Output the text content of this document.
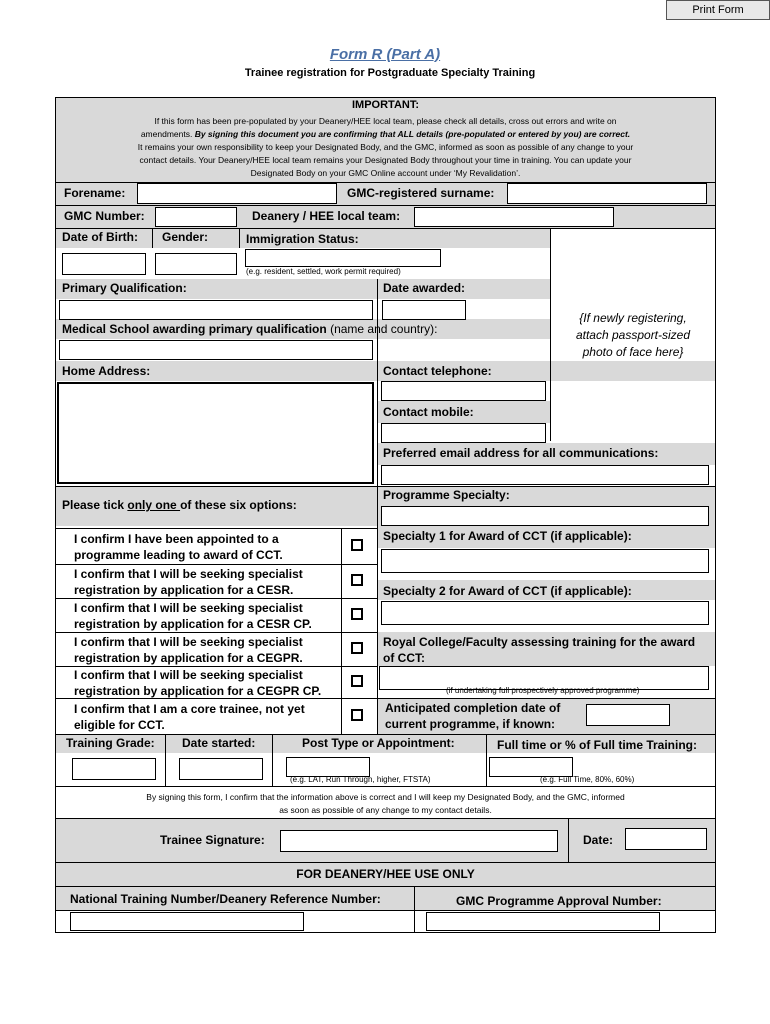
Print Form
Form R (Part A)
Trainee registration for Postgraduate Specialty Training
IMPORTANT:
If this form has been pre-populated by your Deanery/HEE local team, please check all details, cross out errors and write on
amendments. By signing this document you are confirming that ALL details (pre-populated or entered by you) are correct.
It remains your own responsibility to keep your Designated Body, and the GMC, informed as soon as possible of any change to your
contact details. Your Deanery/HEE local team remains your Designated Body throughout your time in training. You can update your
Designated Body on your GMC Online account under ‘My Revalidation’.
Forename:	GMC-registered surname:
GMC Number:	Deanery / HEE local team:
Date of Birth: Gender:	Immigration Status:
(e.g. resident, settled, work permit required)
Primary Qualification:	Date awarded:
Medical School awarding primary qualification (name and country):
{If newly registering,
attach passport-sized
photo of face here}
Home Address:	Contact telephone:
Contact mobile:
Preferred email address for all communications:
Please tick only one of these six options:
Programme Specialty:
I confirm I have been appointed to a
programme leading to award of CCT.
I confirm that I will be seeking specialist
registration by application for a CESR.
I confirm that I will be seeking specialist
registration by application for a CESR CP.
I confirm that I will be seeking specialist
registration by application for a CEGPR.
I confirm that I will be seeking specialist
registration by application for a CEGPR CP.
I confirm that I am a core trainee, not yet
eligible for CCT.
Specialty 1 for Award of CCT (if applicable):
Specialty 2 for Award of CCT (if applicable):
Royal College/Faculty assessing training for the award
of CCT:
(if undertaking full prospectively approved programme)
Anticipated completion date of
current programme, if known:
Training Grade: Date started:	Post Type or Appointment:	Full time or % of Full time Training:
(e.g. LAT, Run Through, higher, FTSTA)	(e.g. Full Time, 80%, 60%)
By signing this form, I confirm that the information above is correct and I will keep my Designated Body, and the GMC, informed
as soon as possible of any change to my contact details.
Trainee Signature:	Date:
FOR DEANERY/HEE USE ONLY
National Training Number/Deanery Reference Number:	GMC Programme Approval Number:
